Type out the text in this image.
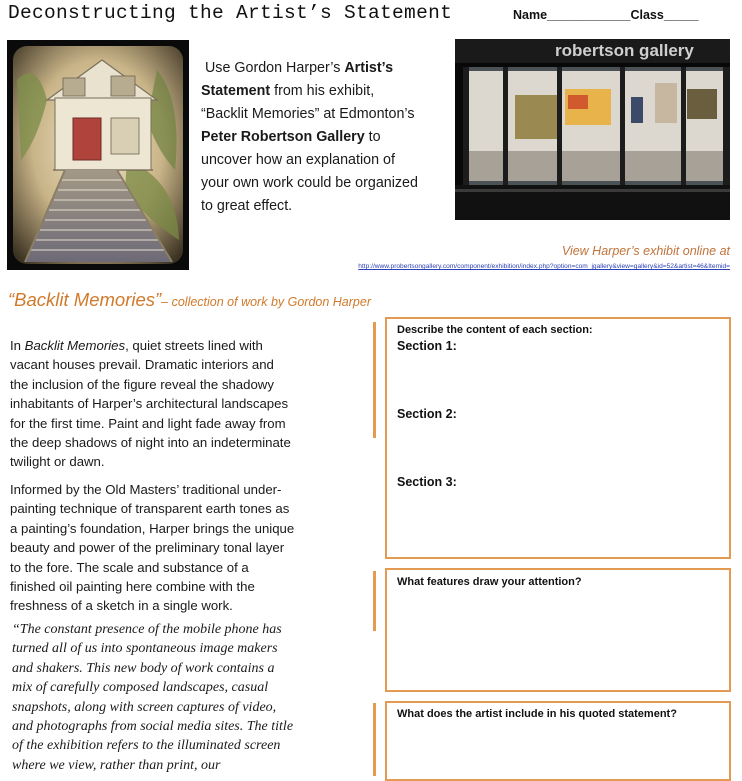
Deconstructing the Artist’s Statement	Name____________Class_____
Use Gordon Harper’s Artist’s Statement from his exhibit, “Backlit Memories” at Edmonton’s Peter Robertson Gallery to uncover how an explanation of your own work could be organized to great effect.
robertson gallery
View Harper’s exhibit online at
http://www.probertsongallery.com/component/exhibition/index.php?option=com_jgallery&view=gallery&id=52&artist=46&Itemid=
“Backlit Memories”– collection of work by Gordon Harper
In Backlit Memories, quiet streets lined with vacant houses prevail. Dramatic interiors and the inclusion of the figure reveal the shadowy inhabitants of Harper’s architectural landscapes for the first time. Paint and light fade away from the deep shadows of night into an indeterminate twilight or dawn.
Informed by the Old Masters’ traditional under-painting technique of transparent earth tones as a painting’s foundation, Harper brings the unique beauty and power of the preliminary tonal layer to the fore. The scale and substance of a finished oil painting here combine with the freshness of a sketch in a single work.
“The constant presence of the mobile phone has turned all of us into spontaneous image makers and shakers. This new body of work contains a mix of carefully composed landscapes, casual snapshots, along with screen captures of video, and photographs from social media sites. The title of the exhibition refers to the illuminated screen where we view, rather than print, our
Describe the content of each section:
Section 1:
Section 2:
Section 3:
What features draw your attention?
What does the artist include in his quoted statement?
